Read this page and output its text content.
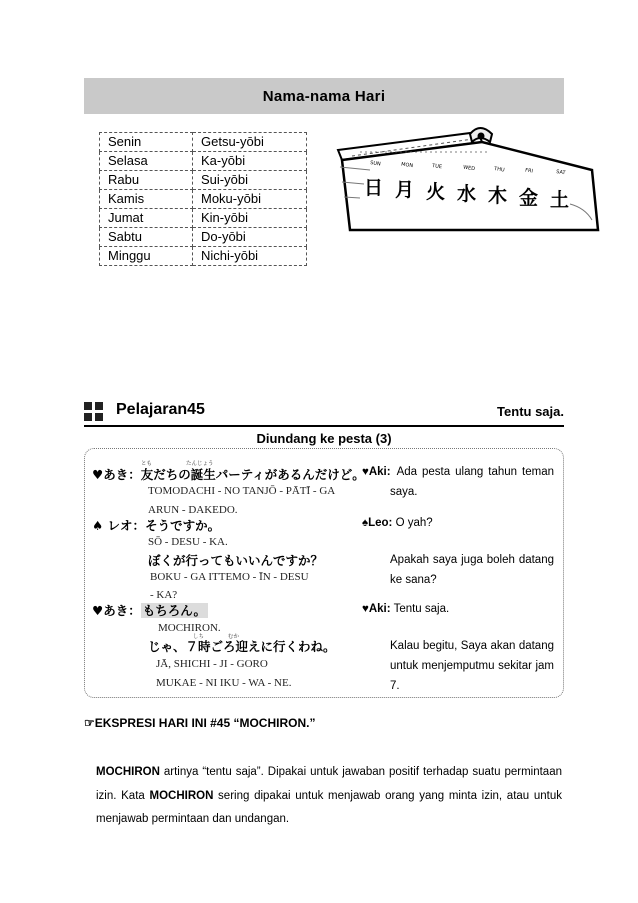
Nama-nama Hari
Senin	Getsu-yōbi
Selasa	Ka-yōbi
Rabu	Sui-yōbi
Kamis	Moku-yōbi
Jumat	Kin-yōbi
Sabtu	Do-yōbi
Minggu	Nichi-yōbi
SUN	MON	TUE	WED	THU	FRI	SAT
日 月 火 水 木 金 土
Pelajaran45	Tentu saja.
Diundang ke pesta (3)
とも	たんじょう
♥あき：友だちの誕生パーティがあるんだけど。
TOMODACHI - NO TANJŌ - PĀTĪ - GA
ARUN - DAKEDO.
♥Aki: Ada pesta ulang tahun teman
saya.
♠ レオ：そうですか。
SŌ - DESU - KA.
ぼくが行ってもいいんですか？
BOKU - GA ITTEMO - ĪN - DESU
- KA?
♠Leo: O yah?
Apakah saya juga boleh datang
ke sana?
♥あき： もちろん。
MOCHIRON.
しち	むか
じゃ、７時ごろ迎えに行くわね。
JĀ, SHICHI - JI - GORO
MUKAE - NI IKU - WA - NE.
♥Aki: Tentu saja.
Kalau begitu, Saya akan datang
untuk menjemputmu sekitar jam
7.
☞EKSPRESI HARI INI #45 “MOCHIRON.”
MOCHIRON artinya “tentu saja”. Dipakai untuk jawaban positif terhadap suatu permintaan izin. Kata MOCHIRON sering dipakai untuk menjawab orang yang minta izin, atau untuk menjawab permintaan dan undangan.
